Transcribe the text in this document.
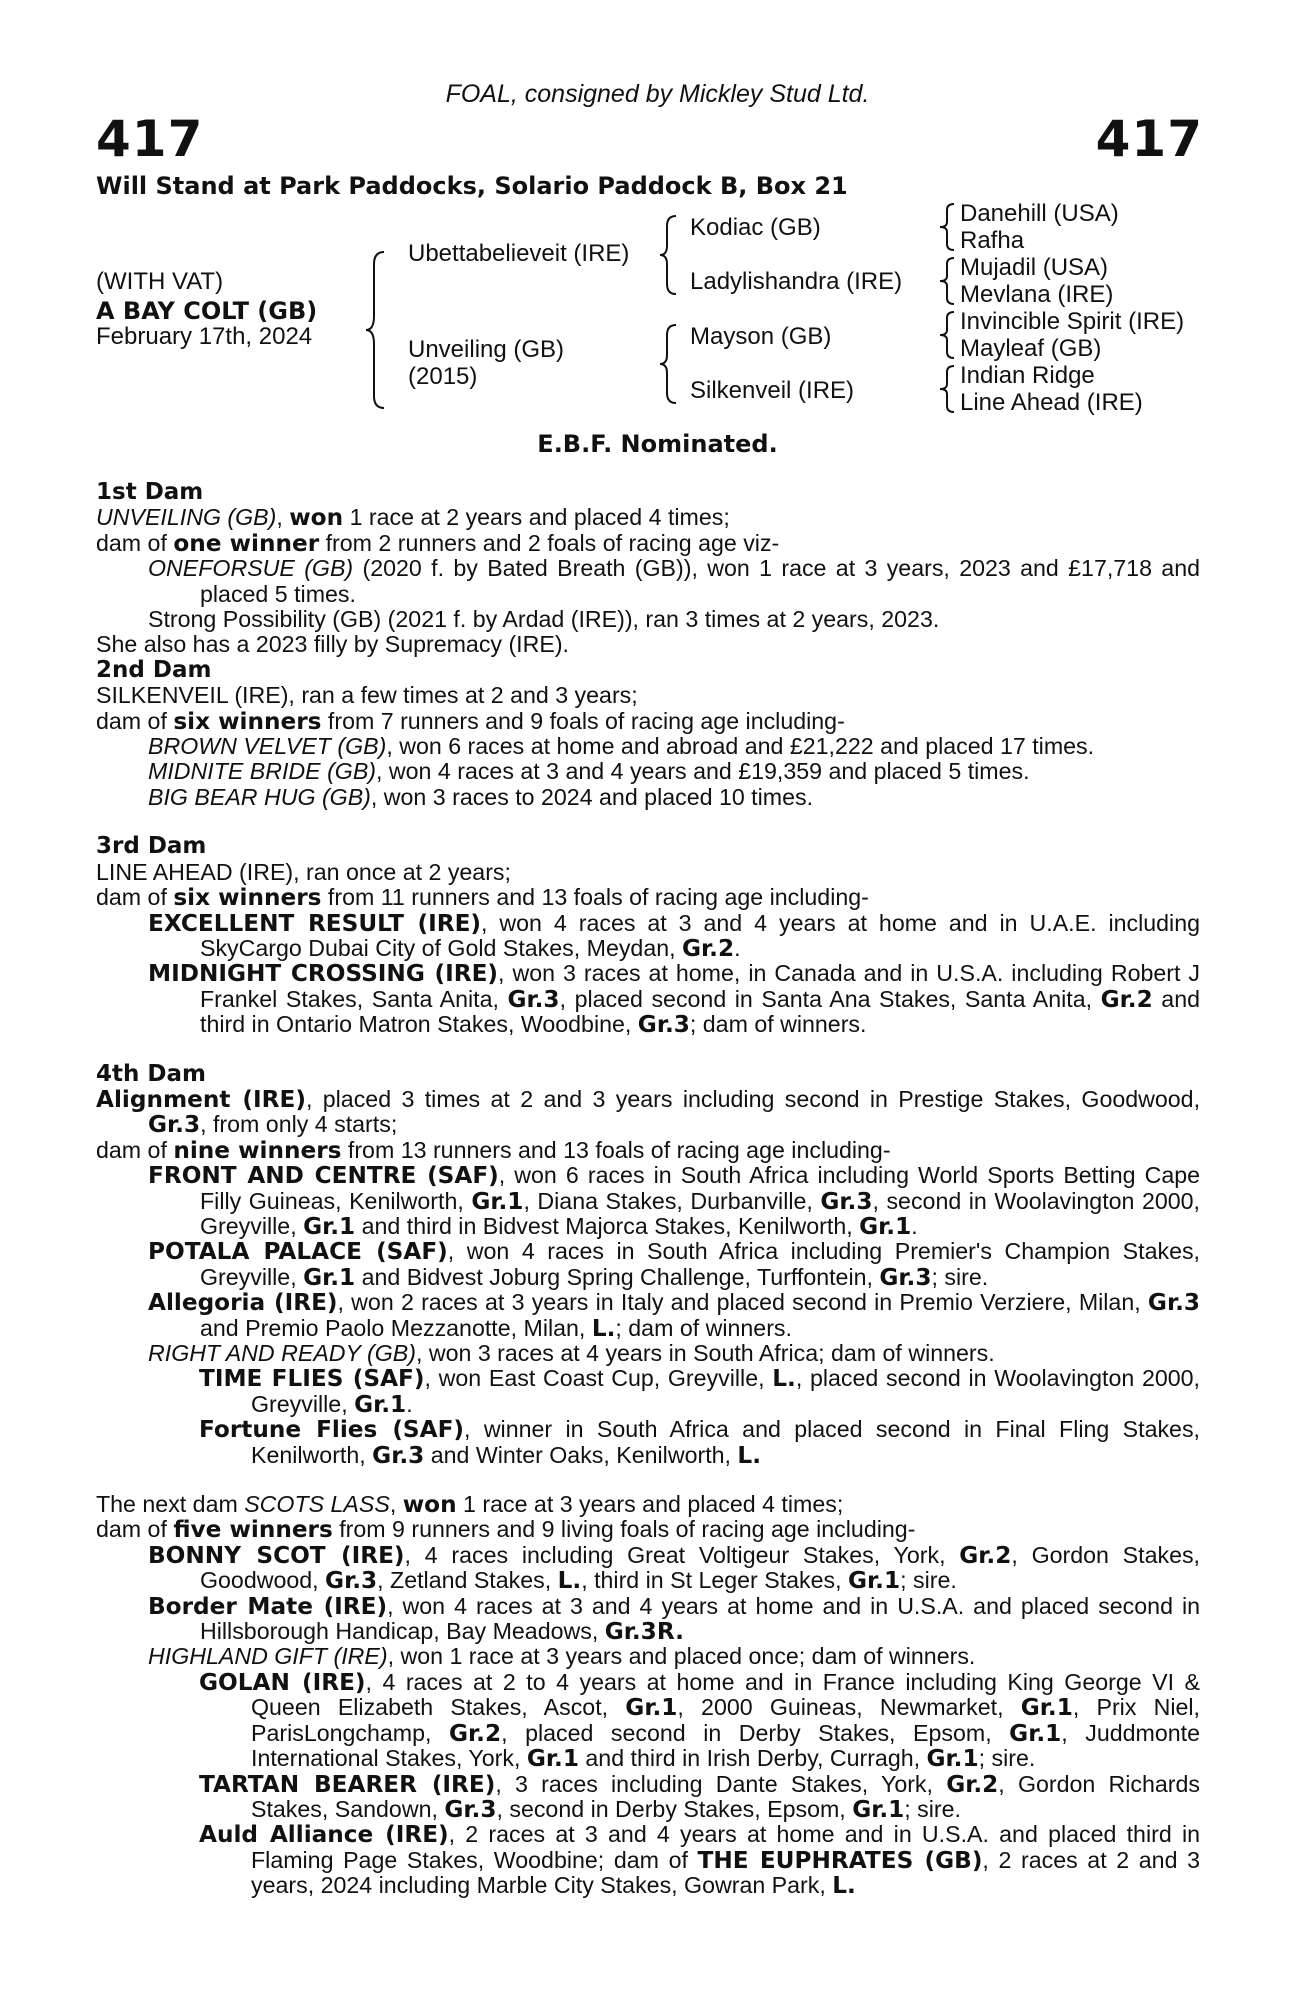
FOAL, consigned by Mickley Stud Ltd.
417	417
Will Stand at Park Paddocks, Solario Paddock B, Box 21
(WITH VAT)
A BAY COLT (GB)
February 17th, 2024
Ubettabelieveit (IRE)
Unveiling (GB)
(2015)
Kodiac (GB)
Ladylishandra (IRE)
Mayson (GB)
Silkenveil (IRE)
Danehill (USA)
Rafha
Mujadil (USA)
Mevlana (IRE)
Invincible Spirit (IRE)
Mayleaf (GB)
Indian Ridge
Line Ahead (IRE)
E.B.F. Nominated.

1st Dam

UNVEILING (GB), won 1 race at 2 years and placed 4 times;

dam of one winner from 2 runners and 2 foals of racing age viz-

ONEFORSUE (GB) (2020 f. by Bated Breath (GB)), won 1 race at 3 years, 2023 and £17,718 and placed 5 times.

Strong Possibility (GB) (2021 f. by Ardad (IRE)), ran 3 times at 2 years, 2023.

She also has a 2023 filly by Supremacy (IRE).

2nd Dam

SILKENVEIL (IRE), ran a few times at 2 and 3 years;

dam of six winners from 7 runners and 9 foals of racing age including-

BROWN VELVET (GB), won 6 races at home and abroad and £21,222 and placed 17 times.

MIDNITE BRIDE (GB), won 4 races at 3 and 4 years and £19,359 and placed 5 times.

BIG BEAR HUG (GB), won 3 races to 2024 and placed 10 times.

3rd Dam

LINE AHEAD (IRE), ran once at 2 years;

dam of six winners from 11 runners and 13 foals of racing age including-

EXCELLENT RESULT (IRE), won 4 races at 3 and 4 years at home and in U.A.E. including SkyCargo Dubai City of Gold Stakes, Meydan, Gr.2.

MIDNIGHT CROSSING (IRE), won 3 races at home, in Canada and in U.S.A. including Robert J Frankel Stakes, Santa Anita, Gr.3, placed second in Santa Ana Stakes, Santa Anita, Gr.2 and third in Ontario Matron Stakes, Woodbine, Gr.3; dam of winners.

4th Dam

Alignment (IRE), placed 3 times at 2 and 3 years including second in Prestige Stakes, Goodwood, Gr.3, from only 4 starts;

dam of nine winners from 13 runners and 13 foals of racing age including-

FRONT AND CENTRE (SAF), won 6 races in South Africa including World Sports Betting Cape Filly Guineas, Kenilworth, Gr.1, Diana Stakes, Durbanville, Gr.3, second in Woolavington 2000, Greyville, Gr.1 and third in Bidvest Majorca Stakes, Kenilworth, Gr.1.

POTALA PALACE (SAF), won 4 races in South Africa including Premier's Champion Stakes, Greyville, Gr.1 and Bidvest Joburg Spring Challenge, Turffontein, Gr.3; sire.

Allegoria (IRE), won 2 races at 3 years in Italy and placed second in Premio Verziere, Milan, Gr.3 and Premio Paolo Mezzanotte, Milan, L.; dam of winners.

RIGHT AND READY (GB), won 3 races at 4 years in South Africa; dam of winners.

TIME FLIES (SAF), won East Coast Cup, Greyville, L., placed second in Woolavington 2000, Greyville, Gr.1.

Fortune Flies (SAF), winner in South Africa and placed second in Final Fling Stakes, Kenilworth, Gr.3 and Winter Oaks, Kenilworth, L.

The next dam SCOTS LASS, won 1 race at 3 years and placed 4 times;

dam of five winners from 9 runners and 9 living foals of racing age including-

BONNY SCOT (IRE), 4 races including Great Voltigeur Stakes, York, Gr.2, Gordon Stakes, Goodwood, Gr.3, Zetland Stakes, L., third in St Leger Stakes, Gr.1; sire.

Border Mate (IRE), won 4 races at 3 and 4 years at home and in U.S.A. and placed second in Hillsborough Handicap, Bay Meadows, Gr.3R.

HIGHLAND GIFT (IRE), won 1 race at 3 years and placed once; dam of winners.

GOLAN (IRE), 4 races at 2 to 4 years at home and in France including King George VI & Queen Elizabeth Stakes, Ascot, Gr.1, 2000 Guineas, Newmarket, Gr.1, Prix Niel, ParisLongchamp, Gr.2, placed second in Derby Stakes, Epsom, Gr.1, Juddmonte International Stakes, York, Gr.1 and third in Irish Derby, Curragh, Gr.1; sire.

TARTAN BEARER (IRE), 3 races including Dante Stakes, York, Gr.2, Gordon Richards Stakes, Sandown, Gr.3, second in Derby Stakes, Epsom, Gr.1; sire.

Auld Alliance (IRE), 2 races at 3 and 4 years at home and in U.S.A. and placed third in Flaming Page Stakes, Woodbine; dam of THE EUPHRATES (GB), 2 races at 2 and 3 years, 2024 including Marble City Stakes, Gowran Park, L.
